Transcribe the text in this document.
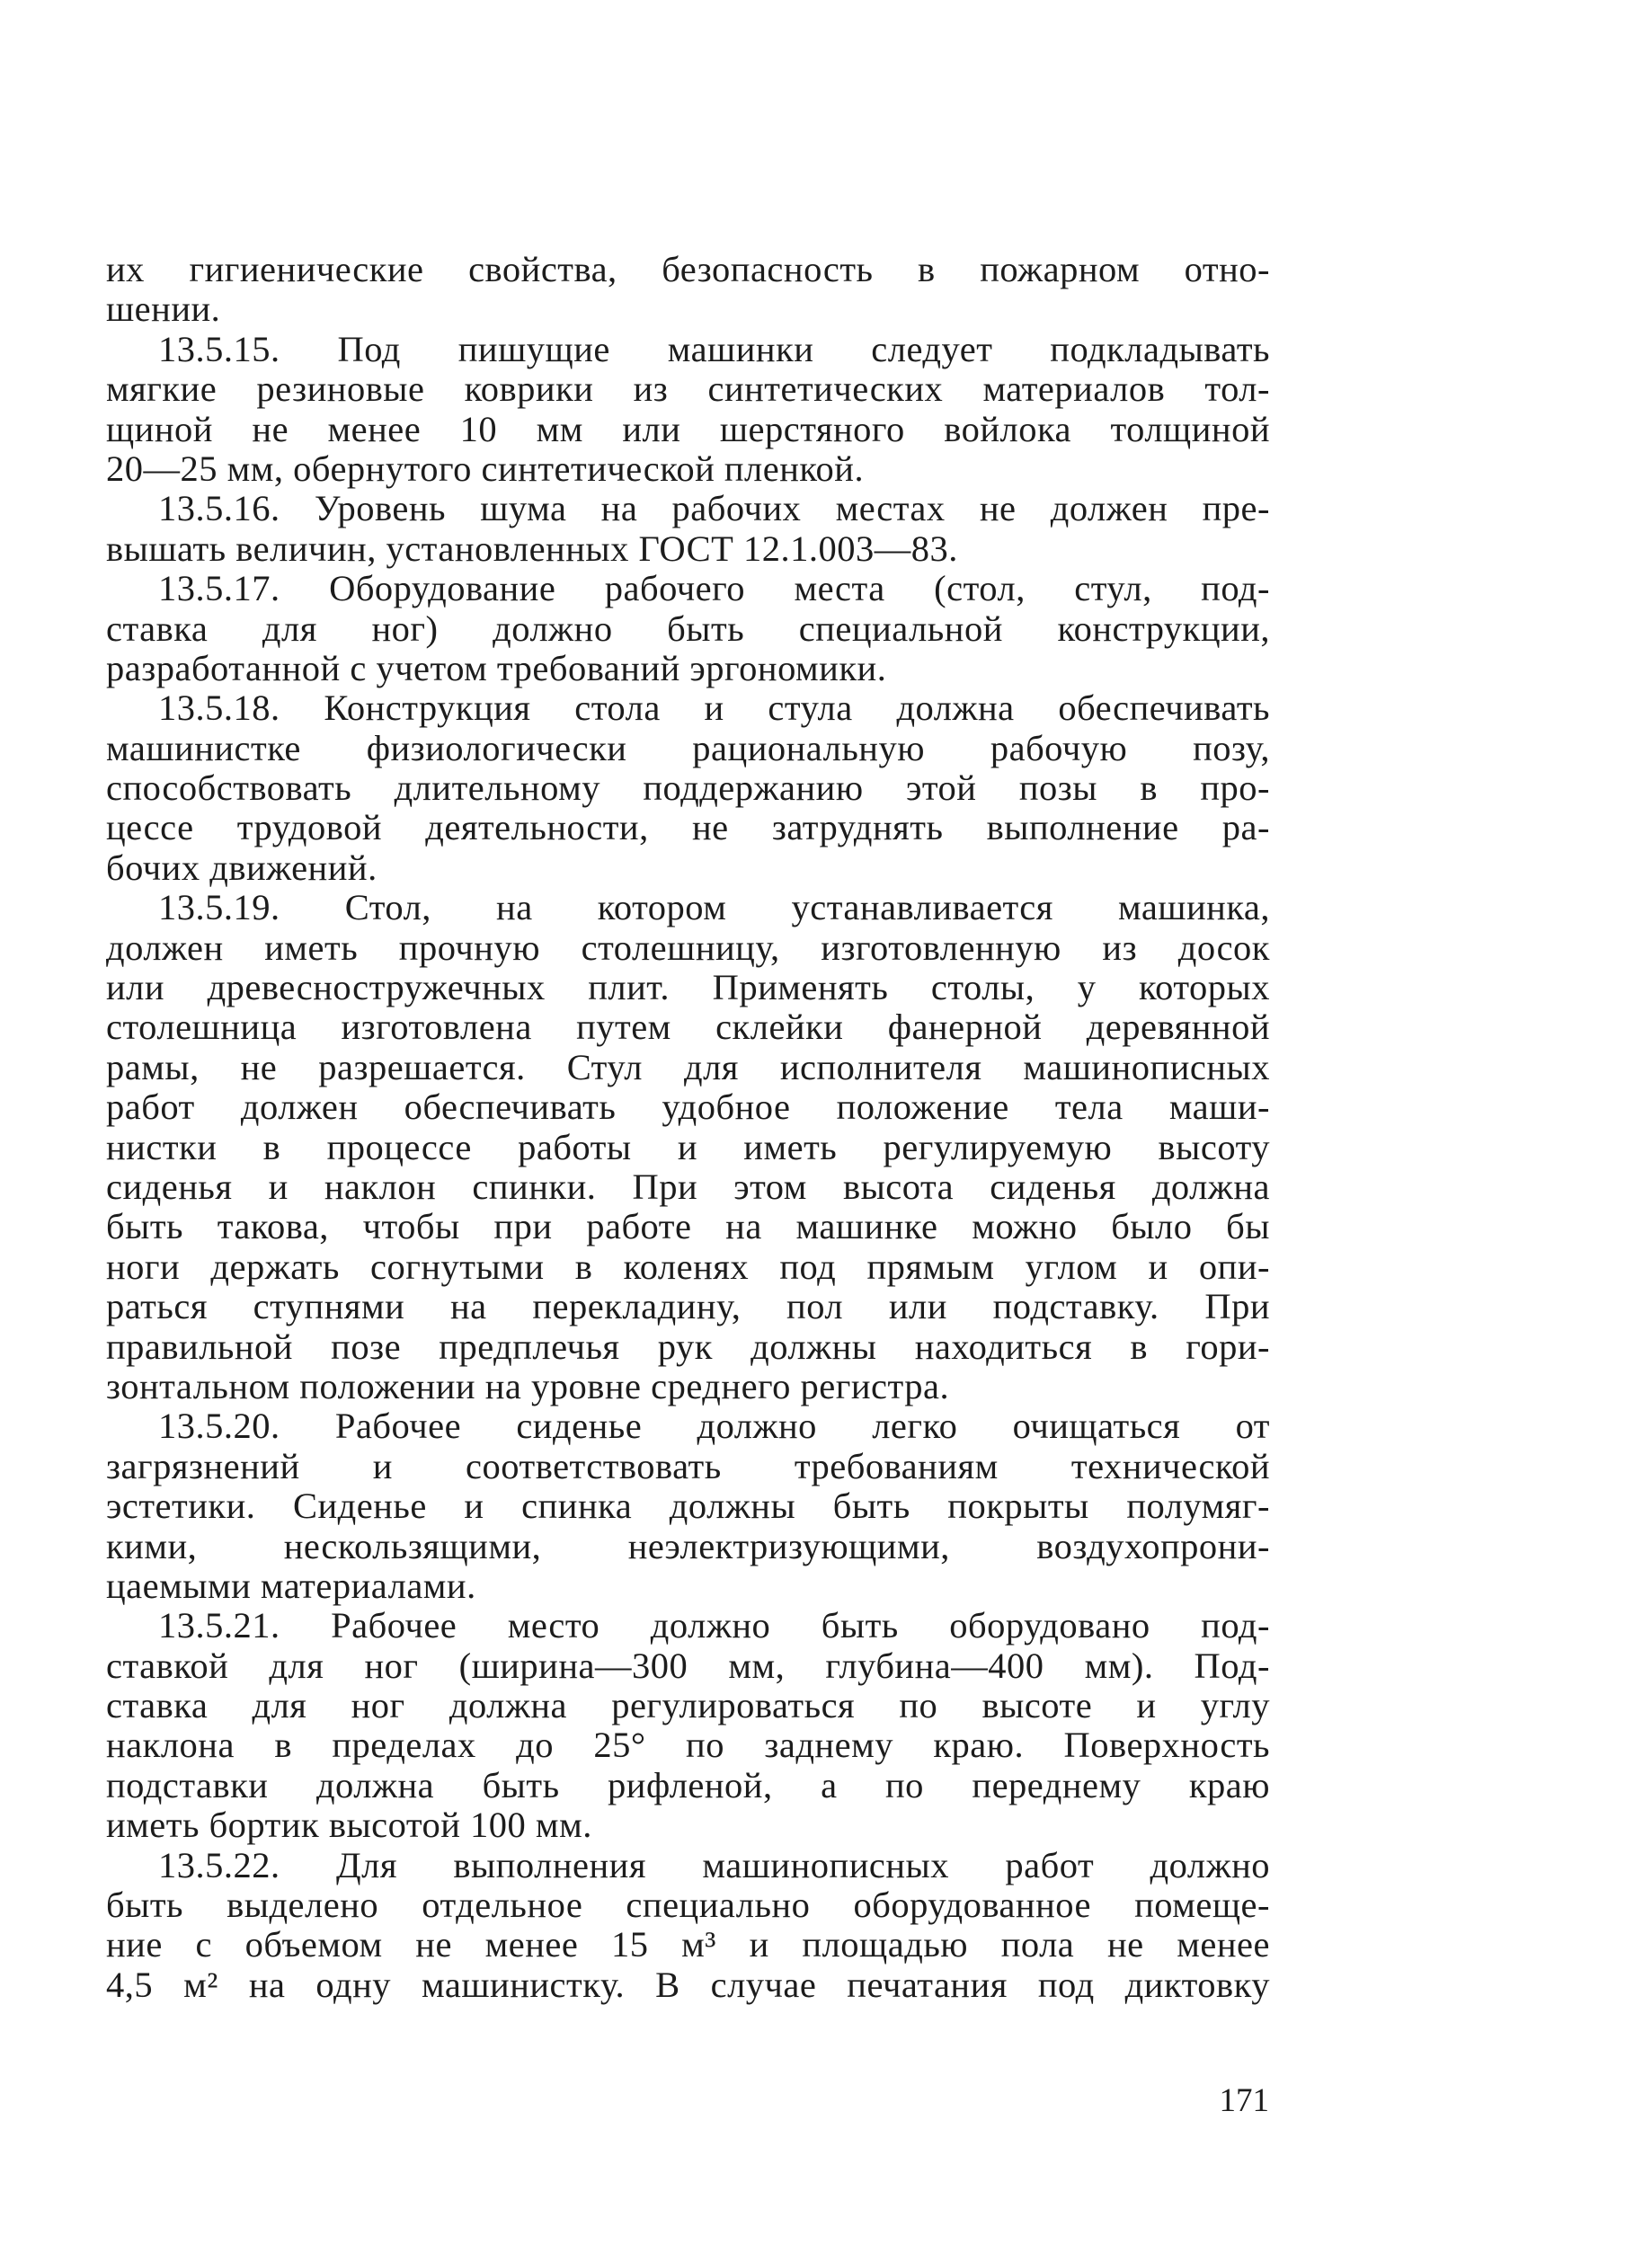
их гигиенические свойства, безопасность в пожарном отно-
шении.
13.5.15. Под пишущие машинки следует подкладывать
мягкие резиновые коврики из синтетических материалов тол-
щиной не менее 10 мм или шерстяного войлока толщиной
20—25 мм, обернутого синтетической пленкой.
13.5.16. Уровень шума на рабочих местах не должен пре-
вышать величин, установленных ГОСТ 12.1.003—83.
13.5.17. Оборудование рабочего места (стол, стул, под-
ставка для ног) должно быть специальной конструкции,
разработанной с учетом требований эргономики.
13.5.18. Конструкция стола и стула должна обеспечивать
машинистке физиологически рациональную рабочую позу,
способствовать длительному поддержанию этой позы в про-
цессе трудовой деятельности, не затруднять выполнение ра-
бочих движений.
13.5.19. Стол, на котором устанавливается машинка,
должен иметь прочную столешницу, изготовленную из досок
или древесностружечных плит. Применять столы, у которых
столешница изготовлена путем склейки фанерной деревянной
рамы, не разрешается. Стул для исполнителя машинописных
работ должен обеспечивать удобное положение тела маши-
нистки в процессе работы и иметь регулируемую высоту
сиденья и наклон спинки. При этом высота сиденья должна
быть такова, чтобы при работе на машинке можно было бы
ноги держать согнутыми в коленях под прямым углом и опи-
раться ступнями на перекладину, пол или подставку. При
правильной позе предплечья рук должны находиться в гори-
зонтальном положении на уровне среднего регистра.
13.5.20. Рабочее сиденье должно легко очищаться от
загрязнений и соответствовать требованиям технической
эстетики. Сиденье и спинка должны быть покрыты полумяг-
кими, нескользящими, неэлектризующими, воздухопрони-
цаемыми материалами.
13.5.21. Рабочее место должно быть оборудовано под-
ставкой для ног (ширина—300 мм, глубина—400 мм). Под-
ставка для ног должна регулироваться по высоте и углу
наклона в пределах до 25° по заднему краю. Поверхность
подставки должна быть рифленой, а по переднему краю
иметь бортик высотой 100 мм.
13.5.22. Для выполнения машинописных работ должно
быть выделено отдельное специально оборудованное помеще-
ние с объемом не менее 15 м³ и площадью пола не менее
4,5 м² на одну машинистку. В случае печатания под диктовку
171
